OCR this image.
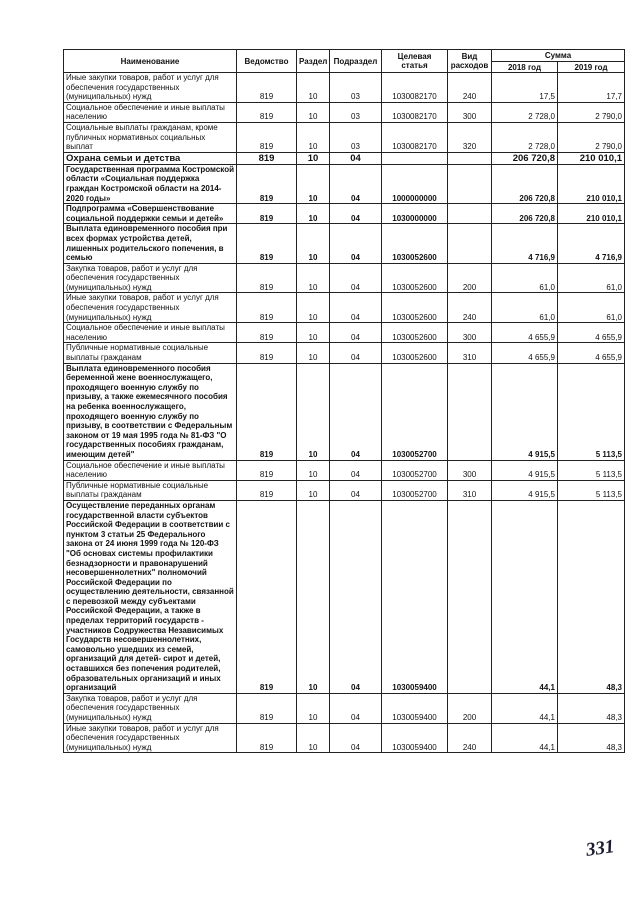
Наименование	Ведомство	Раздел	Подраздел	Целевая статья	Вид расходов	Сумма	
						2018 год	2019 год
Иные закупки товаров, работ и услуг для обеспечения государственных (муниципальных) нужд	819	10	03	1030082170	240	17,5	17,7
Социальное обеспечение и иные выплаты населению	819	10	03	1030082170	300	2 728,0	2 790,0
Социальные выплаты гражданам, кроме публичных нормативных социальных выплат	819	10	03	1030082170	320	2 728,0	2 790,0
Охрана семьи и детства	819	10	04			206 720,8	210 010,1
Государственная программа Костромской области «Социальная поддержка граждан Костромской области на 2014-2020 годы»	819	10	04	1000000000		206 720,8	210 010,1
Подпрограмма «Совершенствование социальной поддержки семьи и детей»	819	10	04	1030000000		206 720,8	210 010,1
Выплата единовременного пособия при всех формах устройства детей, лишенных родительского попечения, в семью	819	10	04	1030052600		4 716,9	4 716,9
Закупка товаров, работ и услуг для обеспечения государственных (муниципальных) нужд	819	10	04	1030052600	200	61,0	61,0
Иные закупки товаров, работ и услуг для обеспечения государственных (муниципальных) нужд	819	10	04	1030052600	240	61,0	61,0
Социальное обеспечение и иные выплаты населению	819	10	04	1030052600	300	4 655,9	4 655,9
Публичные нормативные социальные выплаты гражданам	819	10	04	1030052600	310	4 655,9	4 655,9
Выплата единовременного пособия беременной жене военнослужащего, проходящего военную службу по призыву, а также ежемесячного пособия на ребенка военнослужащего, проходящего военную службу по призыву, в соответствии с Федеральным законом от 19 мая 1995 года № 81-ФЗ "О государственных пособиях гражданам, имеющим детей"	819	10	04	1030052700		4 915,5	5 113,5
Социальное обеспечение и иные выплаты населению	819	10	04	1030052700	300	4 915,5	5 113,5
Публичные нормативные социальные выплаты гражданам	819	10	04	1030052700	310	4 915,5	5 113,5
Осуществление переданных органам государственной власти субъектов Российской Федерации в соответствии с пунктом 3 статьи 25 Федерального закона от 24 июня 1999 года № 120-ФЗ "Об основах системы профилактики безнадзорности и правонарушений несовершеннолетних" полномочий Российской Федерации по осуществлению деятельности, связанной с перевозкой между субъектами Российской Федерации, а также в пределах территорий государств - участников Содружества Независимых Государств несовершеннолетних, самовольно ушедших из семей, организаций для детей- сирот и детей, оставшихся без попечения родителей, образовательных организаций и иных организаций	819	10	04	1030059400		44,1	48,3
Закупка товаров, работ и услуг для обеспечения государственных (муниципальных) нужд	819	10	04	1030059400	200	44,1	48,3
Иные закупки товаров, работ и услуг для обеспечения государственных (муниципальных) нужд	819	10	04	1030059400	240	44,1	48,3
331
